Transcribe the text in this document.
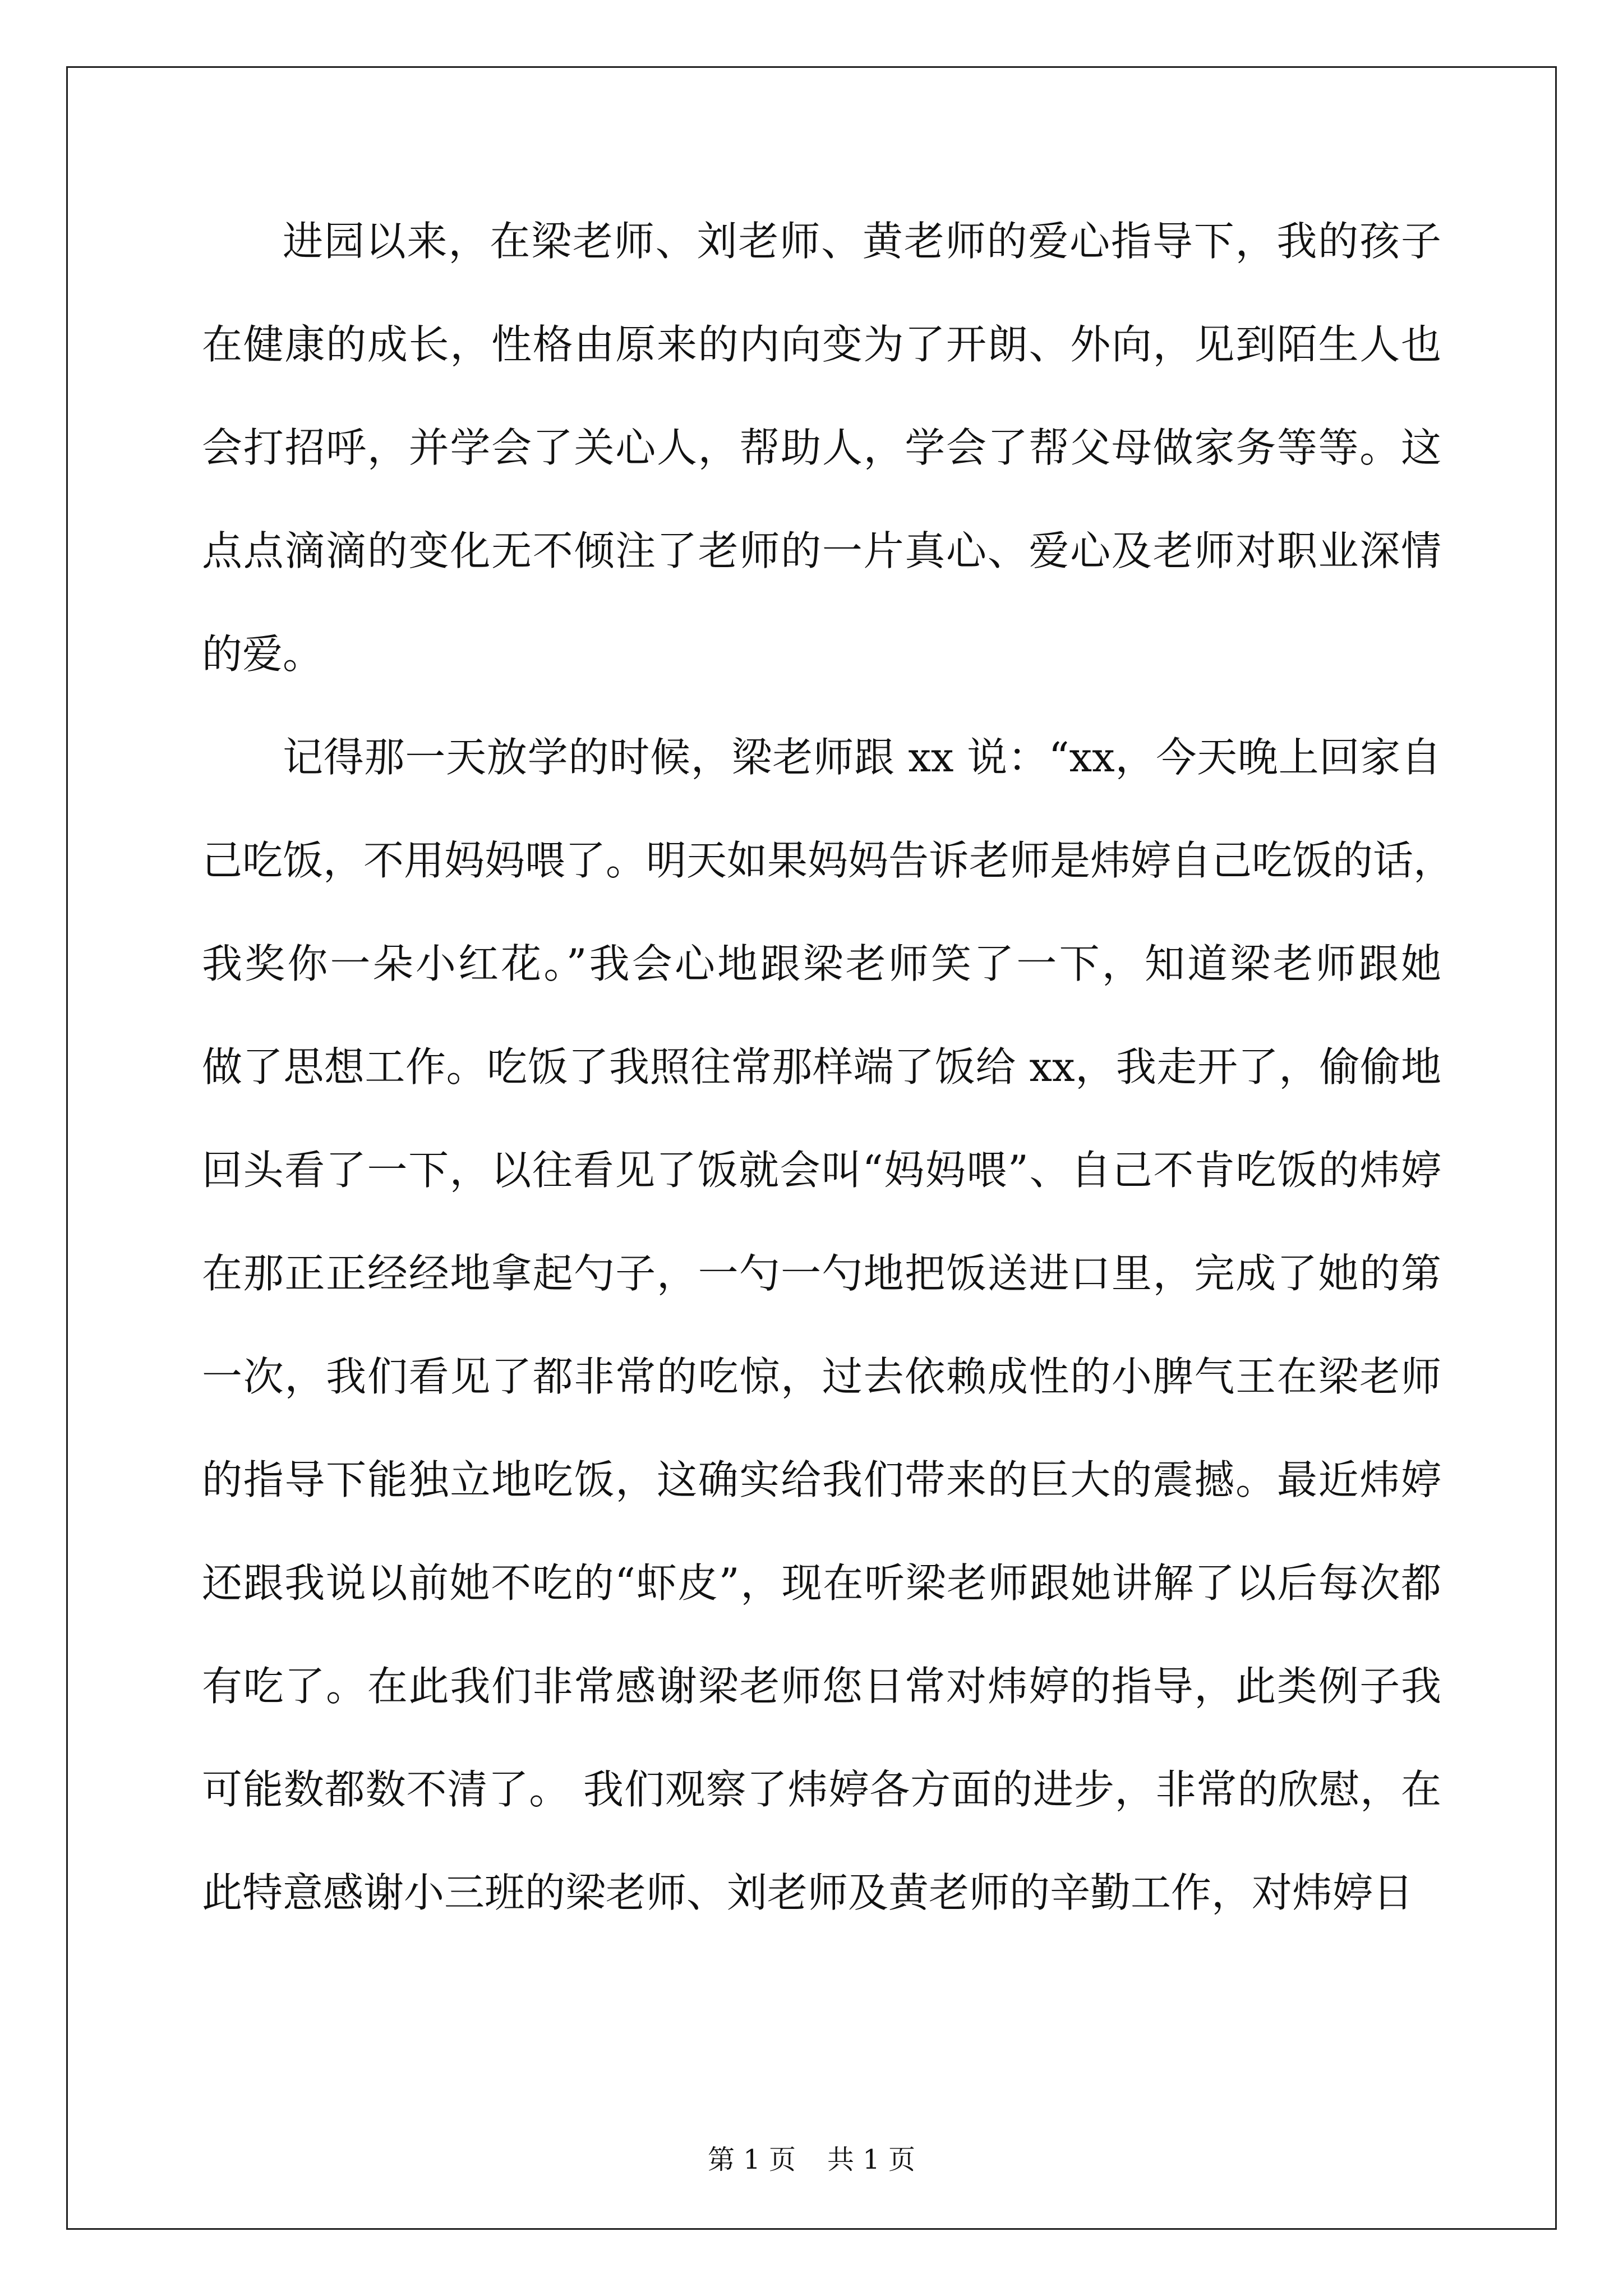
进园以来，在梁老师、刘老师、黄老师的爱心指导下，我的孩子
在健康的成长，性格由原来的内向变为了开朗、外向，见到陌生人也
会打招呼，并学会了关心人，帮助人，学会了帮父母做家务等等。这
点点滴滴的变化无不倾注了老师的一片真心、爱心及老师对职业深情
的爱。
记得那一天放学的时候，梁老师跟 xx 说：“xx，今天晚上回家自
己吃饭，不用妈妈喂了。明天如果妈妈告诉老师是炜婷自己吃饭的话，
我奖你一朵小红花。”我会心地跟梁老师笑了一下，知道梁老师跟她
做了思想工作。吃饭了我照往常那样端了饭给 xx，我走开了，偷偷地
回头看了一下，以往看见了饭就会叫“妈妈喂”、自己不肯吃饭的炜婷
在那正正经经地拿起勺子，一勺一勺地把饭送进口里，完成了她的第
一次，我们看见了都非常的吃惊，过去依赖成性的小脾气王在梁老师
的指导下能独立地吃饭，这确实给我们带来的巨大的震撼。最近炜婷
还跟我说以前她不吃的“虾皮”，现在听梁老师跟她讲解了以后每次都
有吃了。在此我们非常感谢梁老师您日常对炜婷的指导，此类例子我
可能数都数不清了。 我们观察了炜婷各方面的进步，非常的欣慰，在
此特意感谢小三班的梁老师、刘老师及黄老师的辛勤工作，对炜婷日
第 1 页 共 1 页
